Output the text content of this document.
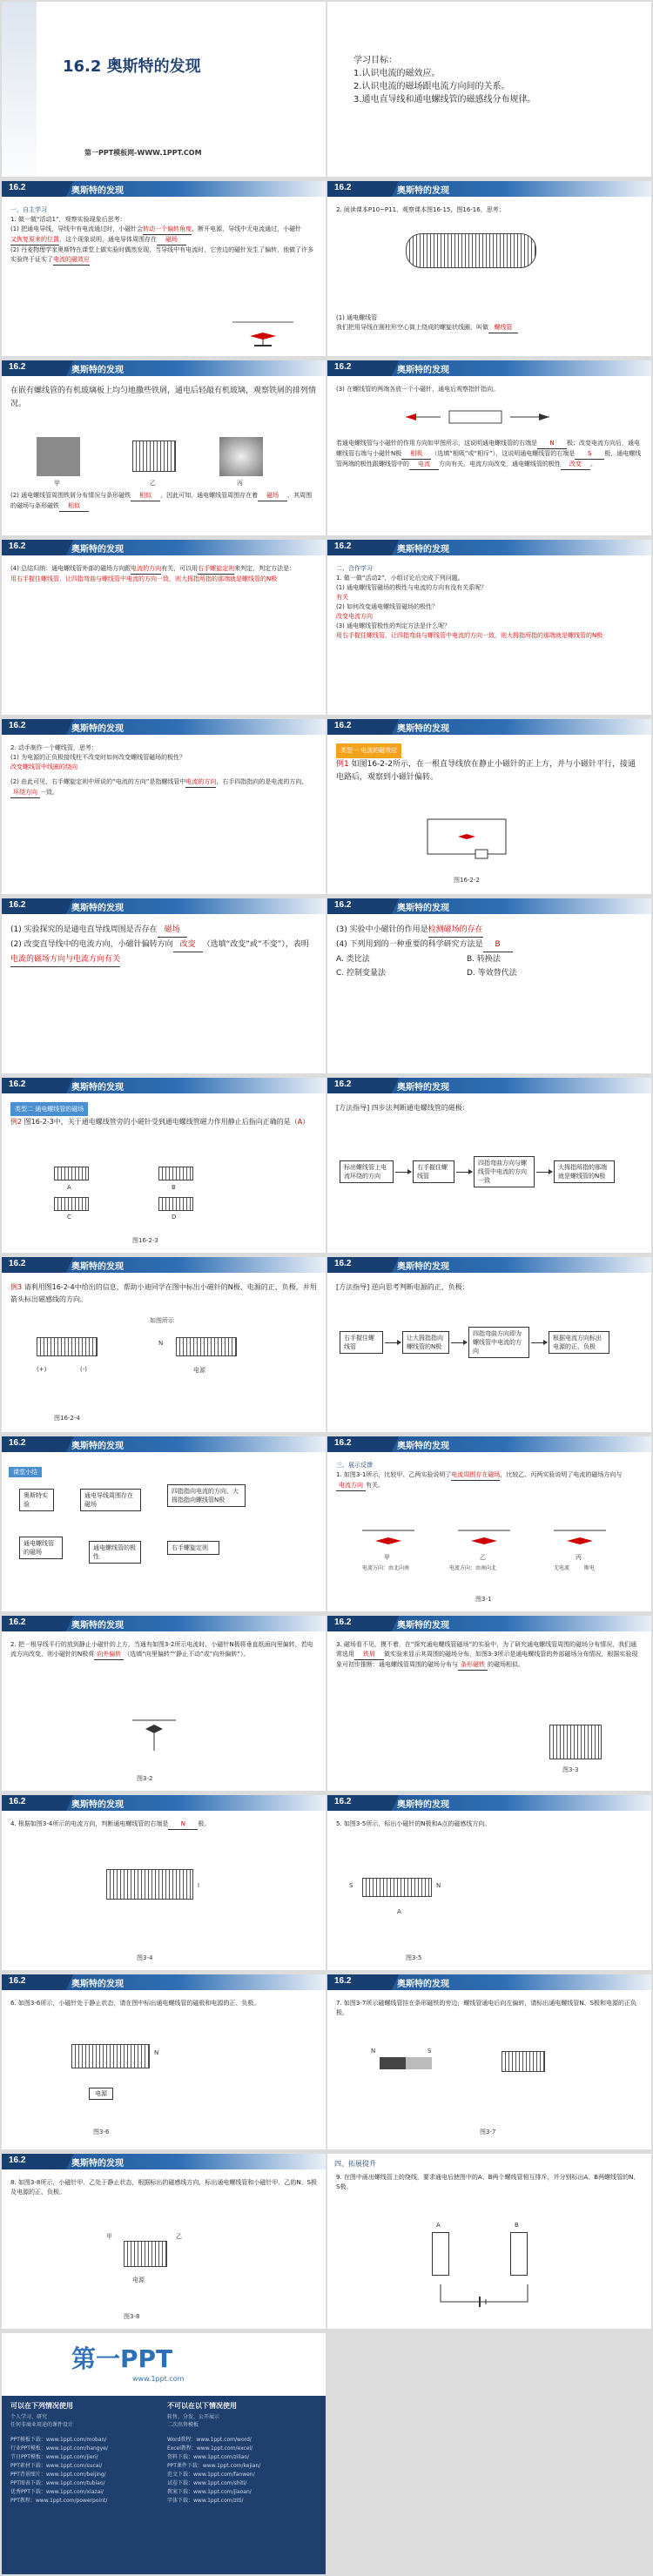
16.2 奥斯特的发现
第一PPT模板网-WWW.1PPT.COM
学习目标：
1.认识电流的磁效应。
2.认识电流的磁场跟电流方向间的关系。
3.通电直导线和通电螺线管的磁感线分布规律。
16.2	奥斯特的发现
一、自主学习
1. 做一做“活动1”，观察实验现象后思考：
(1) 把通电导线，导线中有电流通过时，小磁针会转动一个偏转角度，断开电源，导线中无电流通过，小磁针又恢复原来的位置，这个现象说明，通电导体周围存在 磁场
(2) 丹麦物理学家奥斯特在课堂上做实验时偶然发现，当导线中有电流时，它旁边的磁针发生了偏转，他做了许多实验终于证实了电流的磁效应
16.2	奥斯特的发现
2. 阅读课本P10~P11、观察课本图16-15，图16-16，思考：
(1) 通电螺线管
我们把用导线在圆柱形空心筒上绕成的螺旋状线圈，叫做 螺线管
16.2	奥斯特的发现
在嵌有螺线管的有机玻璃板上均匀地撒些铁屑，通电后轻敲有机玻璃，观察铁屑的排列情况。
甲	乙	丙
(2) 通电螺线管周围铁屑分布情况与条形磁铁 相似 ，因此可知，通电螺线管周围存在着 磁场 ，其周围的磁场与条形磁铁 相似
16.2	奥斯特的发现
(3) 在螺线管的两端各放一个小磁针，通电后观察指针指向。
若通电螺线管与小磁针的作用方向如甲图所示，这说明通电螺线管的右端是 N 极；改变电流方向后，通电螺线管右端与小磁针N极 相吸 （选填“相吸”或“相斥”），这说明通电螺线管的右端是 S 极，通电螺线管两端的极性跟螺线管中的 电流 方向有关。电流方向改变，通电螺线管的极性 改变 。
16.2	奥斯特的发现
(4) 总结归纳：通电螺线管外部的磁场方向跟电流的方向有关，可以用右手螺旋定则来判定，判定方法是：
用右手握住螺线管，让四指弯曲与螺线管中电流的方向一致，则大拇指所指的那端就是螺线管的N极
16.2	奥斯特的发现
二、合作学习
1. 做一做“活动2”，小组讨论后完成下列问题。
(1) 通电螺线管磁场的极性与电流的方向有没有关系呢？
有关
(2) 如何改变通电螺线管磁场的极性？
改变电流方向
(3) 通电螺线管极性的判定方法是什么呢？
用右手握住螺线管，让四指弯曲与螺线管中电流的方向一致，则大拇指所指的那端就是螺线管的N极
16.2	奥斯特的发现
2. 动手制作一个螺线管，思考：
(1) 为电源的正负极接线柱不改变时如何改变螺线管磁场的极性？
改变螺线管中线圈的绕向
(2) 由此可见，右手螺旋定则中所说的“电流的方向”是指螺线管中电流的方向，右手四指指向的是电流的方向，环绕方向 一致。
16.2	奥斯特的发现
类型一 电流的磁效应
例1 如图16-2-2所示，在一根直导线放在静止小磁针的正上方，并与小磁针平行，接通电路后，观察到小磁针偏转。
图16-2-2
16.2	奥斯特的发现
(1) 实验探究的是通电直导线周围是否存在 磁场
(2) 改变直导线中的电流方向，小磁针偏转方向 改变 （选填“改变”或“不变”），表明电流的磁场方向与电流方向有关
16.2	奥斯特的发现
(3) 实验中小磁针的作用是检测磁场的存在
(4) 下列用到的一种重要的科学研究方法是 B
A. 类比法	B. 转换法
C. 控制变量法	D. 等效替代法
16.2	奥斯特的发现
类型二 通电螺线管的磁场
例2 图16-2-3中，关于通电螺线管旁的小磁针受到通电螺线管磁力作用静止后指向正确的是（A）
A	B
C	D
图16-2-3
16.2	奥斯特的发现
[方法指导] 四步法判断通电螺线管的磁极：
标出螺线管上电流环绕的方向
右手握住螺线管
四指弯曲方向与螺线管中电流的方向一致
大拇指所指的那端就是螺线管的N极
16.2	奥斯特的发现
例3 请利用图16-2-4中给出的信息，帮助小迪同学在图中标出小磁针的N极、电源的正、负极，并用箭头标出磁感线的方向。
(+)	(-)
如图所示
N
电源
图16-2-4
16.2	奥斯特的发现
[方法指导] 逆向思考判断电源的正、负极：
右手握住螺线管
让大拇指指向螺线管的N极
四指弯曲方向即为螺线管中电流的方向
根据电流方向标出电源的正、负极
16.2	奥斯特的发现
课堂小结
奥斯特实验
通电导线周围存在磁场
四指指向电流的方向，大拇指指向螺线管N极
通电螺线管的磁场
通电螺线管的极性
右手螺旋定则
16.2	奥斯特的发现
三、展示反馈
1. 如图3-1所示，比较甲、乙两实验说明了电流周围存在磁场，比较乙、丙两实验说明了电流的磁场方向与电流方向 有关。
甲	乙	丙
电流方向：由北向南	电流方向：由南向北	无电流	断电
图3-1
16.2	奥斯特的发现
2. 把一根导线平行的放到静止小磁针的上方，当通有如图3-2所示电流时，小磁针N极将垂直纸面向里偏转，若电流方向改变，则小磁针的N极将 向外偏转 （选填“向里偏转”“静止不动”或“向外偏转”）。
图3-2
16.2	奥斯特的发现
3. 磁场看不见，摸不着，在“探究通电螺线管磁场”的实验中，为了研究通电螺线管周围的磁场分布情况，我们通常选用 铁屑 做实验来显示其周围的磁场分布，如图3-3所示是通电螺线管的外部磁场分布情况，根据实验现象可初步推断：通电螺线管周围的磁场分布与 条形磁铁 的磁场相似。
图3-3
16.2	奥斯特的发现
4. 根据如图3-4所示的电流方向，判断通电螺线管的右端是 N 极。
I
图3-4
16.2	奥斯特的发现
5. 如图3-5所示，标出小磁针的N极和A点的磁感线方向。
S	N
A
图3-5
16.2	奥斯特的发现
6. 如图3-6所示，小磁针处于静止状态，请在图中标出通电螺线管的磁极和电源的正、负极。
N
电源
图3-6
16.2	奥斯特的发现
7. 如图3-7所示磁螺线管挂在条形磁铁的旁边，螺线管通电后向左偏转，请标出通电螺线管N、S极和电源的正负极。
N	S
图3-7
16.2	奥斯特的发现
8. 如图3-8所示，小磁针甲、乙处于静止状态，根据标出的磁感线方向，标出通电螺线管和小磁针甲、乙的N、S极及电源的正、负极。
甲	乙
电源
图3-8
四、拓展提升
9. 在图中画出螺线管上的绕线，要求通电后使图中的A、B两个螺线管相互排斥，并分别标出A、B两螺线管的N、S极。
A	B
第一PPT
www.1ppt.com
可以在下列情况使用	不可以在以下情况使用
个人学习、研究
任何非商业用途的课件设计
转售、分发、公开展示
二次出售模板
PPT模板下载：www.1ppt.com/moban/
行业PPT模板：www.1ppt.com/hangye/
节日PPT模板：www.1ppt.com/jieri/
PPT素材下载：www.1ppt.com/sucai/
PPT背景图片：www.1ppt.com/beijing/
PPT图表下载：www.1ppt.com/tubiao/
优秀PPT下载：www.1ppt.com/xiazai/
PPT教程：www.1ppt.com/powerpoint/
Word教程：www.1ppt.com/word/
Excel教程：www.1ppt.com/excel/
资料下载：www.1ppt.com/ziliao/
PPT课件下载：www.1ppt.com/kejian/
范文下载：www.1ppt.com/fanwen/
试卷下载：www.1ppt.com/shiti/
教案下载：www.1ppt.com/jiaoan/
字体下载：www.1ppt.com/ziti/
